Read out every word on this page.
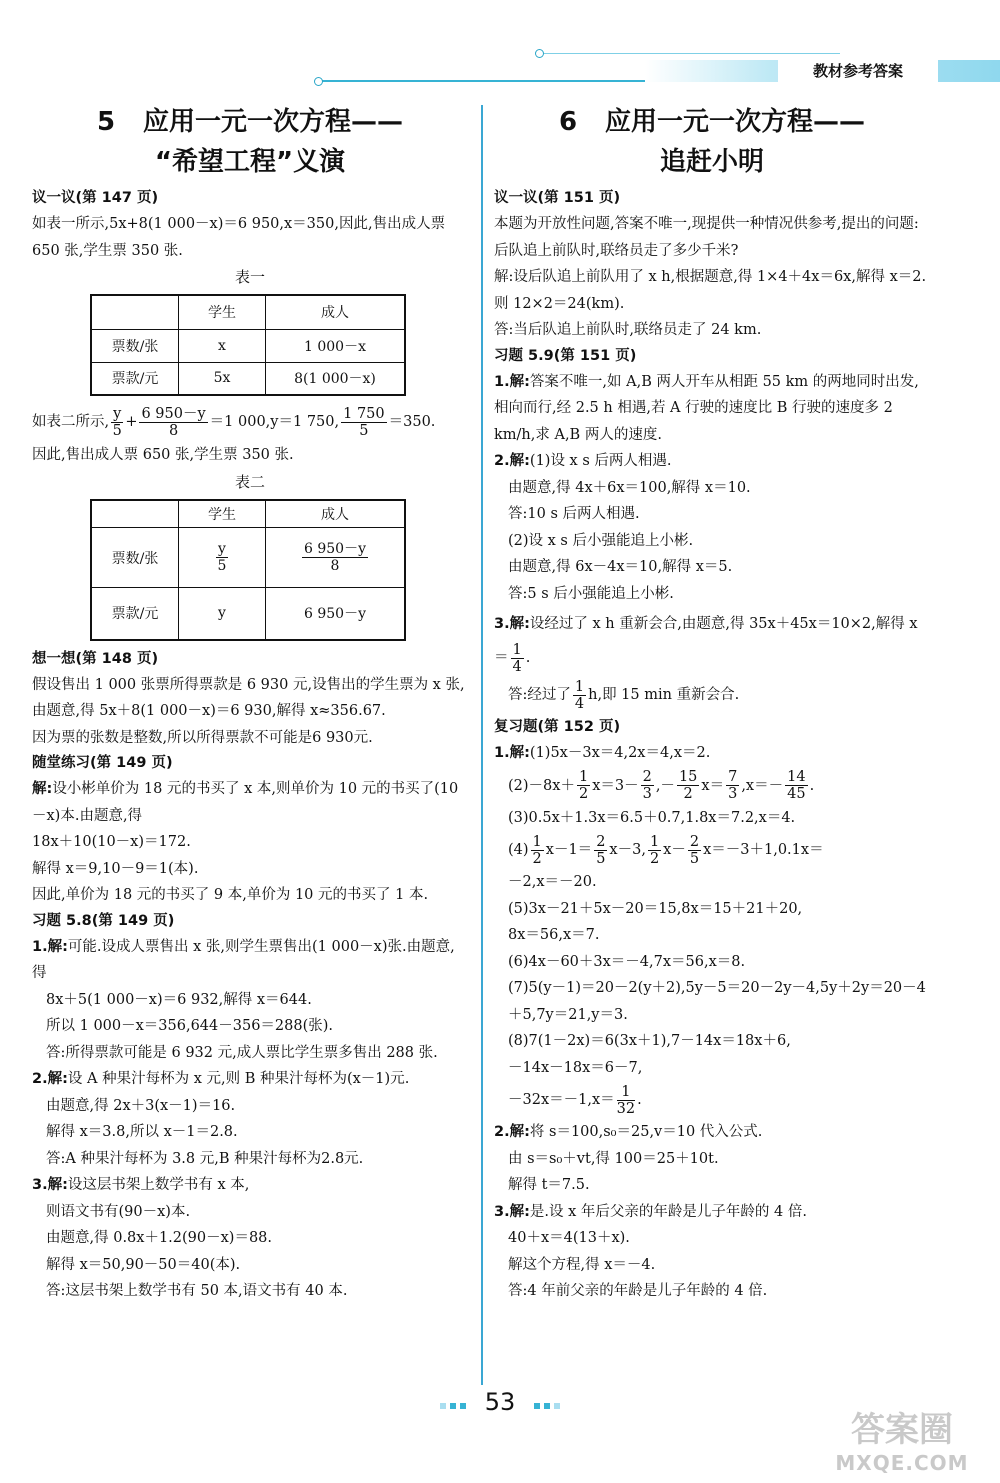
教材参考答案
5 应用一元一次方程——
“希望工程”义演
议一议(第 147 页)

如表一所示,5x+8(1 000－x)＝6 950,x＝350,因此,售出成人票 650 张,学生票 350 张.

表一
	学生	成人
票数/张	x	1 000－x
票款/元	5x	8(1 000－x)

如表二所示, $\frac{y}{5} + \frac{6 950-y}{8} =1$ 000,y＝1 750, $\frac{1 750}{5} =350$.

因此,售出成人票 650 张,学生票 350 张.

表二
	学生	成人
票数/张	$\frac{y}{5}$	$\frac{6 950-y}{8}$

票款/元	y	6 950－y
想一想(第 148 页)

假设售出 1 000 张票所得票款是 6 930 元,设售出的学生票为 x 张,由题意,得 5x＋8(1 000－x)＝6 930,解得 x≈356.67.

因为票的张数是整数,所以所得票款不可能是6 930元.

随堂练习(第 149 页)

解:设小彬单价为 18 元的书买了 x 本,则单价为 10 元的书买了(10－x)本.由题意,得

18x＋10(10－x)＝172.

解得 x＝9,10－9＝1(本).

因此,单价为 18 元的书买了 9 本,单价为 10 元的书买了 1 本.

习题 5.8(第 149 页)

1.解:可能.设成人票售出 x 张,则学生票售出(1 000－x)张.由题意,得

8x＋5(1 000－x)＝6 932,解得 x＝644.

所以 1 000－x＝356,644－356＝288(张).

答:所得票款可能是 6 932 元,成人票比学生票多售出 288 张.

2.解:设 A 种果汁每杯为 x 元,则 B 种果汁每杯为(x－1)元.

由题意,得 2x＋3(x－1)＝16.

解得 x＝3.8,所以 x－1＝2.8.

答:A 种果汁每杯为 3.8 元,B 种果汁每杯为2.8元.

3.解:设这层书架上数学书有 x 本,

则语文书有(90－x)本.

由题意,得 0.8x＋1.2(90－x)＝88.

解得 x＝50,90－50＝40(本).

答:这层书架上数学书有 50 本,语文书有 40 本.

6 应用一元一次方程——
追赶小明
议一议(第 151 页)

本题为开放性问题,答案不唯一,现提供一种情况供参考,提出的问题:后队追上前队时,联络员走了多少千米?

解:设后队追上前队用了 x h,根据题意,得 1×4＋4x＝6x,解得 x＝2.

则 12×2＝24(km).

答:当后队追上前队时,联络员走了 24 km.

习题 5.9(第 151 页)

1.解:答案不唯一,如 A,B 两人开车从相距 55 km 的两地同时出发,相向而行,经 2.5 h 相遇,若 A 行驶的速度比 B 行驶的速度多 2 km/h,求 A,B 两人的速度.

2.解:(1)设 x s 后两人相遇.

由题意,得 4x＋6x＝100,解得 x＝10.

答:10 s 后两人相遇.

(2)设 x s 后小强能追上小彬.

由题意,得 6x－4x＝10,解得 x＝5.

答:5 s 后小强能追上小彬.

3.解:设经过了 x h 重新会合,由题意,得 35x＋45x＝10×2,解得 $x= \frac{1}{4}$ .

答:经过了 $\frac{1}{4} h$,即 15 min 重新会合.

复习题(第 152 页)

1.解:(1)5x－3x＝4,2x＝4,x＝2.

$(2)-8x+ \frac{1}{2} x=3- \frac{2}{3}$ ,－ $\frac{15}{2} x= \frac{7}{3} ,x=- \frac{14}{45}$ .

(3)0.5x＋1.3x＝6.5＋0.7,1.8x＝7.2,x＝4.

$(4) \frac{1}{2} x-1= \frac{2}{5} x-3$, $\frac{1}{2} x- \frac{2}{5} x=-3+1,0.1x=$

－2,x＝－20.

(5)3x－21＋5x－20＝15,8x＝15＋21＋20,

8x＝56,x＝7.

(6)4x－60＋3x＝－4,7x＝56,x＝8.

(7)5(y－1)＝20－2(y＋2),5y－5＝20－2y－4,5y＋2y＝20－4＋5,7y＝21,y＝3.

(8)7(1－2x)＝6(3x＋1),7－14x＝18x＋6,

－14x－18x＝6－7,

$-32x=-1,x= \frac{1}{32}$ .

2.解:将 s＝100,s₀＝25,v＝10 代入公式.

由 s＝s₀＋vt,得 100＝25＋10t.

解得 t＝7.5.

3.解:是.设 x 年后父亲的年龄是儿子年龄的 4 倍.

40＋x＝4(13＋x).

解这个方程,得 x＝－4.

答:4 年前父亲的年龄是儿子年龄的 4 倍.

53
答案圈
MXQE.COM
